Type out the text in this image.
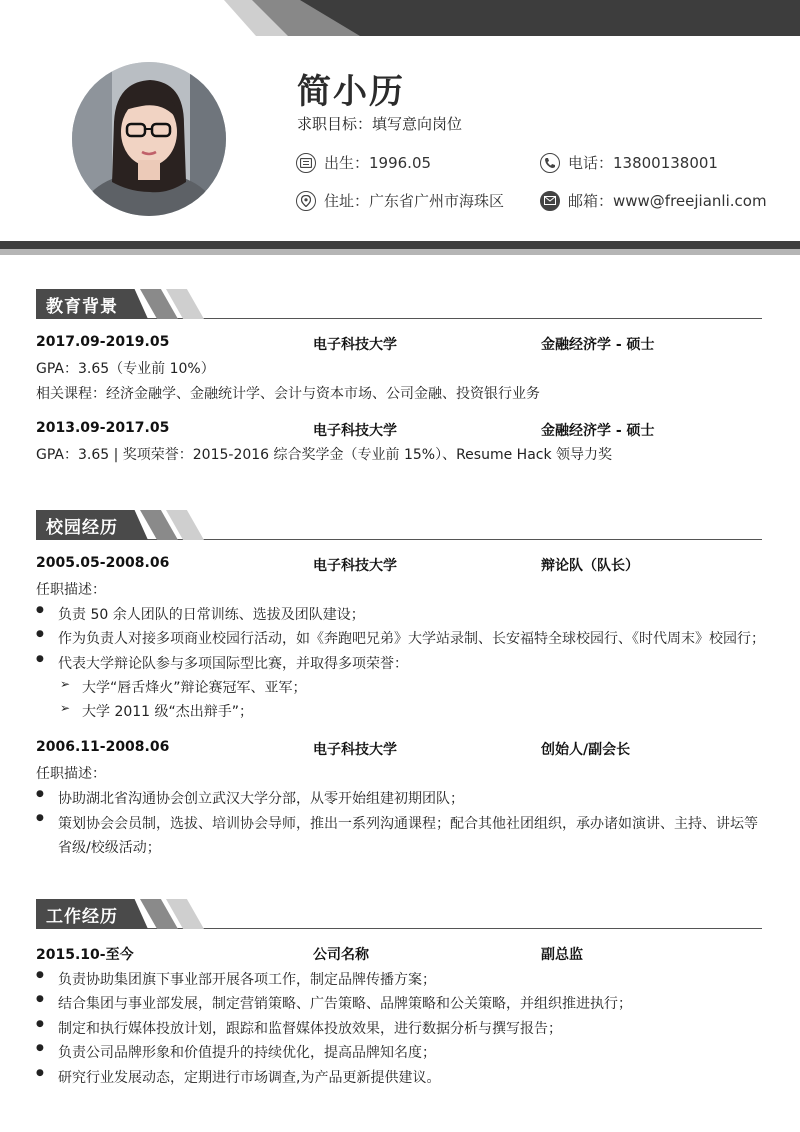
简小历
求职目标：填写意向岗位
出生：1996.05	电话：13800138001
住址：广东省广州市海珠区	邮箱：www@freejianli.com
教育背景
2017.09-2019.05	电子科技大学	金融经济学 - 硕士
GPA：3.65（专业前 10%）
相关课程：经济金融学、金融统计学、会计与资本市场、公司金融、投资银行业务
2013.09-2017.05	电子科技大学	金融经济学 - 硕士
GPA：3.65 | 奖项荣誉：2015-2016 综合奖学金（专业前 15%）、Resume Hack 领导力奖
校园经历
2005.05-2008.06	电子科技大学	辩论队（队长）
任职描述：
● 负责 50 余人团队的日常训练、选拔及团队建设；
● 作为负责人对接多项商业校园行活动，如《奔跑吧兄弟》大学站录制、长安福特全球校园行、《时代周末》校园行；
● 代表大学辩论队参与多项国际型比赛，并取得多项荣誉：
➢ 大学“唇舌烽火”辩论赛冠军、亚军；
➢ 大学 2011 级“杰出辩手”；
2006.11-2008.06	电子科技大学	创始人/副会长
任职描述：
● 协助湖北省沟通协会创立武汉大学分部，从零开始组建初期团队；
● 策划协会会员制，选拔、培训协会导师，推出一系列沟通课程；配合其他社团组织，承办诸如演讲、主持、讲坛等省级/校级活动；
工作经历
2015.10-至今	公司名称	副总监
● 负责协助集团旗下事业部开展各项工作，制定品牌传播方案；
● 结合集团与事业部发展，制定营销策略、广告策略、品牌策略和公关策略，并组织推进执行；
● 制定和执行媒体投放计划，跟踪和监督媒体投放效果，进行数据分析与撰写报告；
● 负责公司品牌形象和价值提升的持续优化，提高品牌知名度；
● 研究行业发展动态，定期进行市场调查,为产品更新提供建议。
